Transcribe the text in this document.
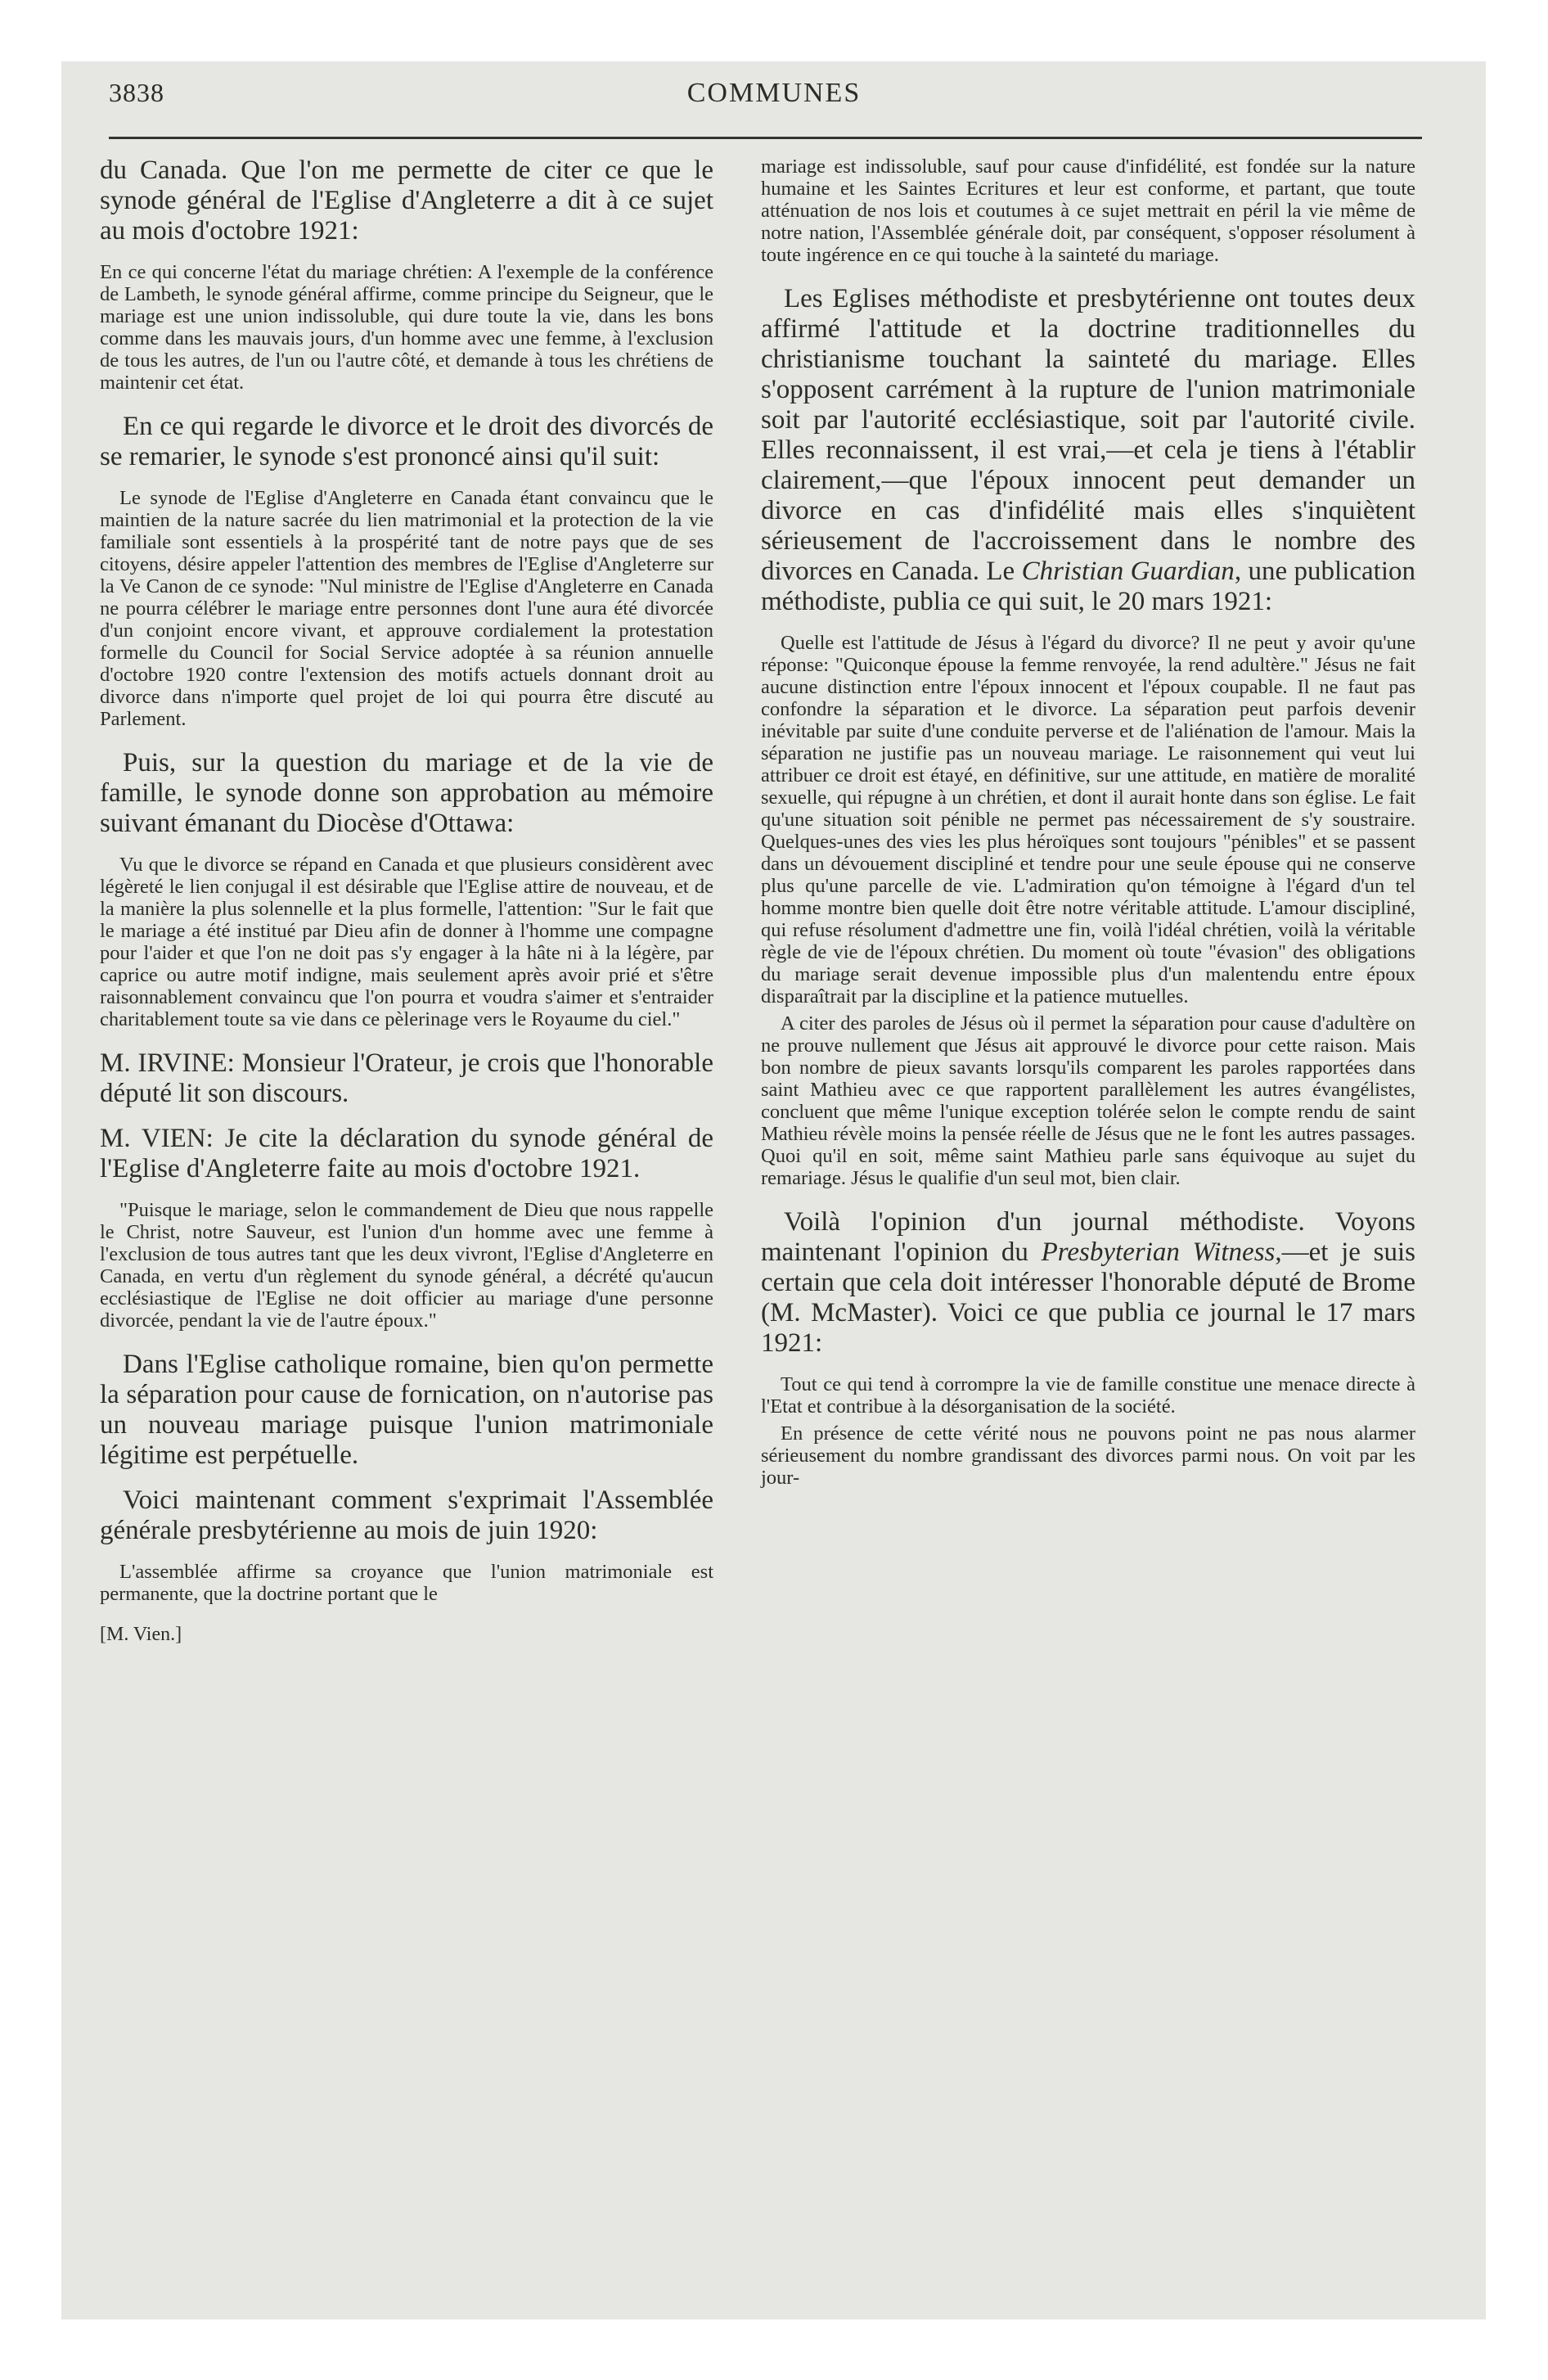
3838	COMMUNES

du Canada. Que l'on me permette de citer ce que le synode général de l'Eglise d'Angleterre a dit à ce sujet au mois d'octobre 1921:

En ce qui concerne l'état du mariage chrétien: A l'exemple de la conférence de Lambeth, le synode général affirme, comme principe du Seigneur, que le mariage est une union indissoluble, qui dure toute la vie, dans les bons comme dans les mauvais jours, d'un homme avec une femme, à l'exclusion de tous les autres, de l'un ou l'autre côté, et demande à tous les chrétiens de maintenir cet état.

En ce qui regarde le divorce et le droit des divorcés de se remarier, le synode s'est prononcé ainsi qu'il suit:

Le synode de l'Eglise d'Angleterre en Canada étant convaincu que le maintien de la nature sacrée du lien matrimonial et la protection de la vie familiale sont essentiels à la prospérité tant de notre pays que de ses citoyens, désire appeler l'attention des membres de l'Eglise d'Angleterre sur la Ve Canon de ce synode: "Nul ministre de l'Eglise d'Angleterre en Canada ne pourra célébrer le mariage entre personnes dont l'une aura été divorcée d'un conjoint encore vivant, et approuve cordialement la protestation formelle du Council for Social Service adoptée à sa réunion annuelle d'octobre 1920 contre l'extension des motifs actuels donnant droit au divorce dans n'importe quel projet de loi qui pourra être discuté au Parlement.

Puis, sur la question du mariage et de la vie de famille, le synode donne son approbation au mémoire suivant émanant du Diocèse d'Ottawa:

Vu que le divorce se répand en Canada et que plusieurs considèrent avec légèreté le lien conjugal il est désirable que l'Eglise attire de nouveau, et de la manière la plus solennelle et la plus formelle, l'attention: "Sur le fait que le mariage a été institué par Dieu afin de donner à l'homme une compagne pour l'aider et que l'on ne doit pas s'y engager à la hâte ni à la légère, par caprice ou autre motif indigne, mais seulement après avoir prié et s'être raisonnablement convaincu que l'on pourra et voudra s'aimer et s'entraider charitablement toute sa vie dans ce pèlerinage vers le Royaume du ciel."

M. IRVINE: Monsieur l'Orateur, je crois que l'honorable député lit son discours.

M. VIEN: Je cite la déclaration du synode général de l'Eglise d'Angleterre faite au mois d'octobre 1921.

"Puisque le mariage, selon le commandement de Dieu que nous rappelle le Christ, notre Sauveur, est l'union d'un homme avec une femme à l'exclusion de tous autres tant que les deux vivront, l'Eglise d'Angleterre en Canada, en vertu d'un règlement du synode général, a décrété qu'aucun ecclésiastique de l'Eglise ne doit officier au mariage d'une personne divorcée, pendant la vie de l'autre époux."

Dans l'Eglise catholique romaine, bien qu'on permette la séparation pour cause de fornication, on n'autorise pas un nouveau mariage puisque l'union matrimoniale légitime est perpétuelle.

Voici maintenant comment s'exprimait l'Assemblée générale presbytérienne au mois de juin 1920:

L'assemblée affirme sa croyance que l'union matrimoniale est permanente, que la doctrine portant que le

[M. Vien.]

mariage est indissoluble, sauf pour cause d'infidélité, est fondée sur la nature humaine et les Saintes Ecritures et leur est conforme, et partant, que toute atténuation de nos lois et coutumes à ce sujet mettrait en péril la vie même de notre nation, l'Assemblée générale doit, par conséquent, s'opposer résolument à toute ingérence en ce qui touche à la sainteté du mariage.

Les Eglises méthodiste et presbytérienne ont toutes deux affirmé l'attitude et la doctrine traditionnelles du christianisme touchant la sainteté du mariage. Elles s'opposent carrément à la rupture de l'union matrimoniale soit par l'autorité ecclésiastique, soit par l'autorité civile. Elles reconnaissent, il est vrai,—et cela je tiens à l'établir clairement,—que l'époux innocent peut demander un divorce en cas d'infidélité mais elles s'inquiètent sérieusement de l'accroissement dans le nombre des divorces en Canada. Le Christian Guardian, une publication méthodiste, publia ce qui suit, le 20 mars 1921:

Quelle est l'attitude de Jésus à l'égard du divorce? Il ne peut y avoir qu'une réponse: "Quiconque épouse la femme renvoyée, la rend adultère." Jésus ne fait aucune distinction entre l'époux innocent et l'époux coupable. Il ne faut pas confondre la séparation et le divorce. La séparation peut parfois devenir inévitable par suite d'une conduite perverse et de l'aliénation de l'amour. Mais la séparation ne justifie pas un nouveau mariage. Le raisonnement qui veut lui attribuer ce droit est étayé, en définitive, sur une attitude, en matière de moralité sexuelle, qui répugne à un chrétien, et dont il aurait honte dans son église. Le fait qu'une situation soit pénible ne permet pas nécessairement de s'y soustraire. Quelques-unes des vies les plus héroïques sont toujours "pénibles" et se passent dans un dévouement discipliné et tendre pour une seule épouse qui ne conserve plus qu'une parcelle de vie. L'admiration qu'on témoigne à l'égard d'un tel homme montre bien quelle doit être notre véritable attitude. L'amour discipliné, qui refuse résolument d'admettre une fin, voilà l'idéal chrétien, voilà la véritable règle de vie de l'époux chrétien. Du moment où toute "évasion" des obligations du mariage serait devenue impossible plus d'un malentendu entre époux disparaîtrait par la discipline et la patience mutuelles.

A citer des paroles de Jésus où il permet la séparation pour cause d'adultère on ne prouve nullement que Jésus ait approuvé le divorce pour cette raison. Mais bon nombre de pieux savants lorsqu'ils comparent les paroles rapportées dans saint Mathieu avec ce que rapportent parallèlement les autres évangélistes, concluent que même l'unique exception tolérée selon le compte rendu de saint Mathieu révèle moins la pensée réelle de Jésus que ne le font les autres passages. Quoi qu'il en soit, même saint Mathieu parle sans équivoque au sujet du remariage. Jésus le qualifie d'un seul mot, bien clair.

Voilà l'opinion d'un journal méthodiste. Voyons maintenant l'opinion du Presbyterian Witness,—et je suis certain que cela doit intéresser l'honorable député de Brome (M. McMaster). Voici ce que publia ce journal le 17 mars 1921:

Tout ce qui tend à corrompre la vie de famille constitue une menace directe à l'Etat et contribue à la désorganisation de la société.

En présence de cette vérité nous ne pouvons point ne pas nous alarmer sérieusement du nombre grandissant des divorces parmi nous. On voit par les jour-
